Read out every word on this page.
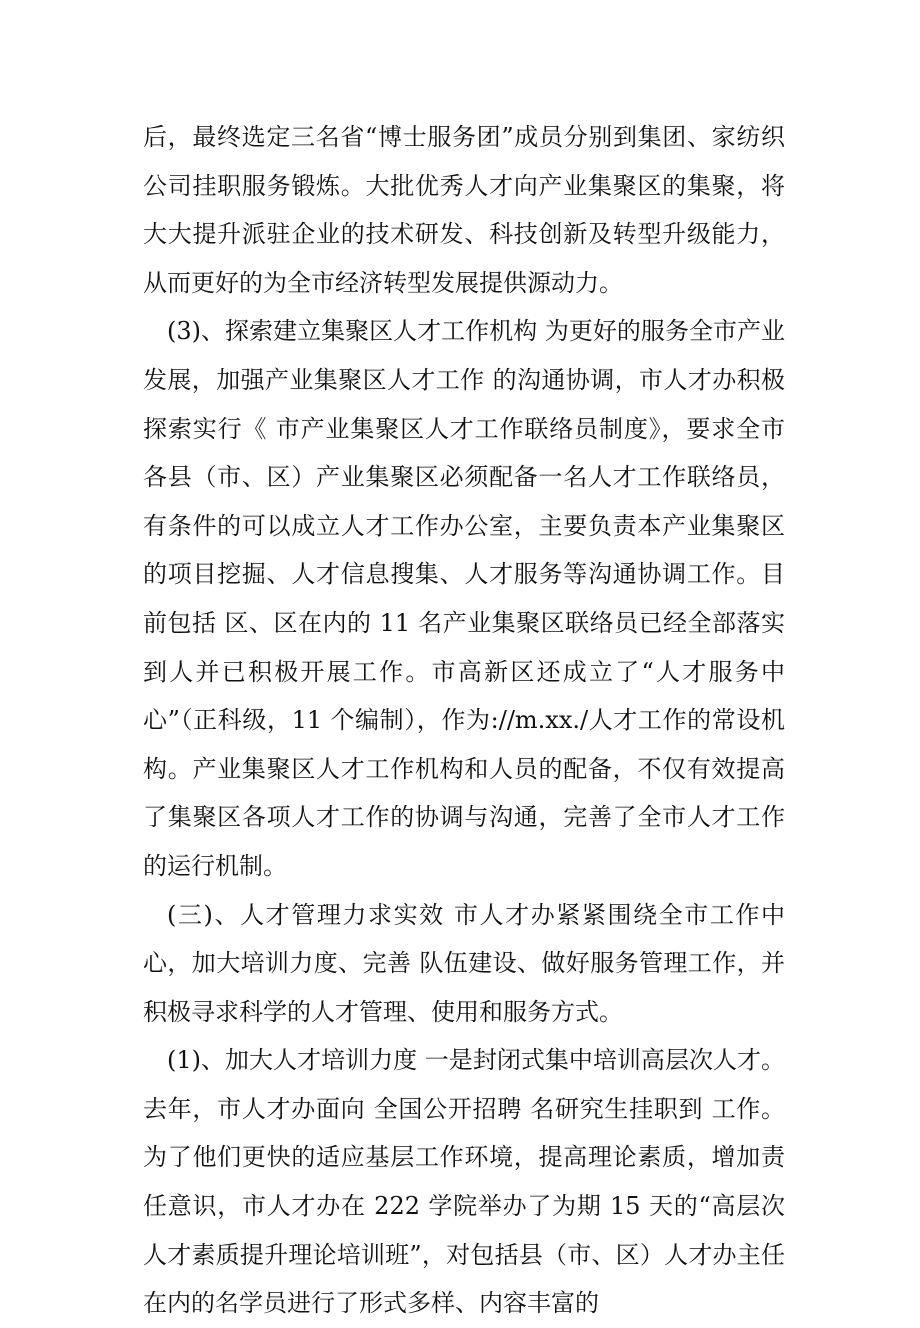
后，最终选定三名省“博士服务团”成员分别到集团、家纺织公司挂职服务锻炼。大批优秀人才向产业集聚区的集聚，将大大提升派驻企业的技术研发、科技创新及转型升级能力，从而更好的为全市经济转型发展提供源动力。

(3)、探索建立集聚区人才工作机构 为更好的服务全市产业发展，加强产业集聚区人才工作 的沟通协调，市人才办积极探索实行《 市产业集聚区人才工作联络员制度》，要求全市各县（市、区）产业集聚区必须配备一名人才工作联络员，有条件的可以成立人才工作办公室，主要负责本产业集聚区的项目挖掘、人才信息搜集、人才服务等沟通协调工作。目前包括 区、区在内的 11 名产业集聚区联络员已经全部落实到人并已积极开展工作。市高新区还成立了“人才服务中心”（正科级，11 个编制），作为://m.xx./人才工作的常设机构。产业集聚区人才工作机构和人员的配备，不仅有效提高了集聚区各项人才工作的协调与沟通，完善了全市人才工作的运行机制。

(三)、人才管理力求实效 市人才办紧紧围绕全市工作中心，加大培训力度、完善 队伍建设、做好服务管理工作，并积极寻求科学的人才管理、使用和服务方式。

(1)、加大人才培训力度 一是封闭式集中培训高层次人才。去年，市人才办面向 全国公开招聘 名研究生挂职到 工作。为了他们更快的适应基层工作环境，提高理论素质，增加责任意识，市人才办在 222 学院举办了为期 15 天的“高层次人才素质提升理论培训班”，对包括县（市、区）人才办主任在内的名学员进行了形式多样、内容丰富的
